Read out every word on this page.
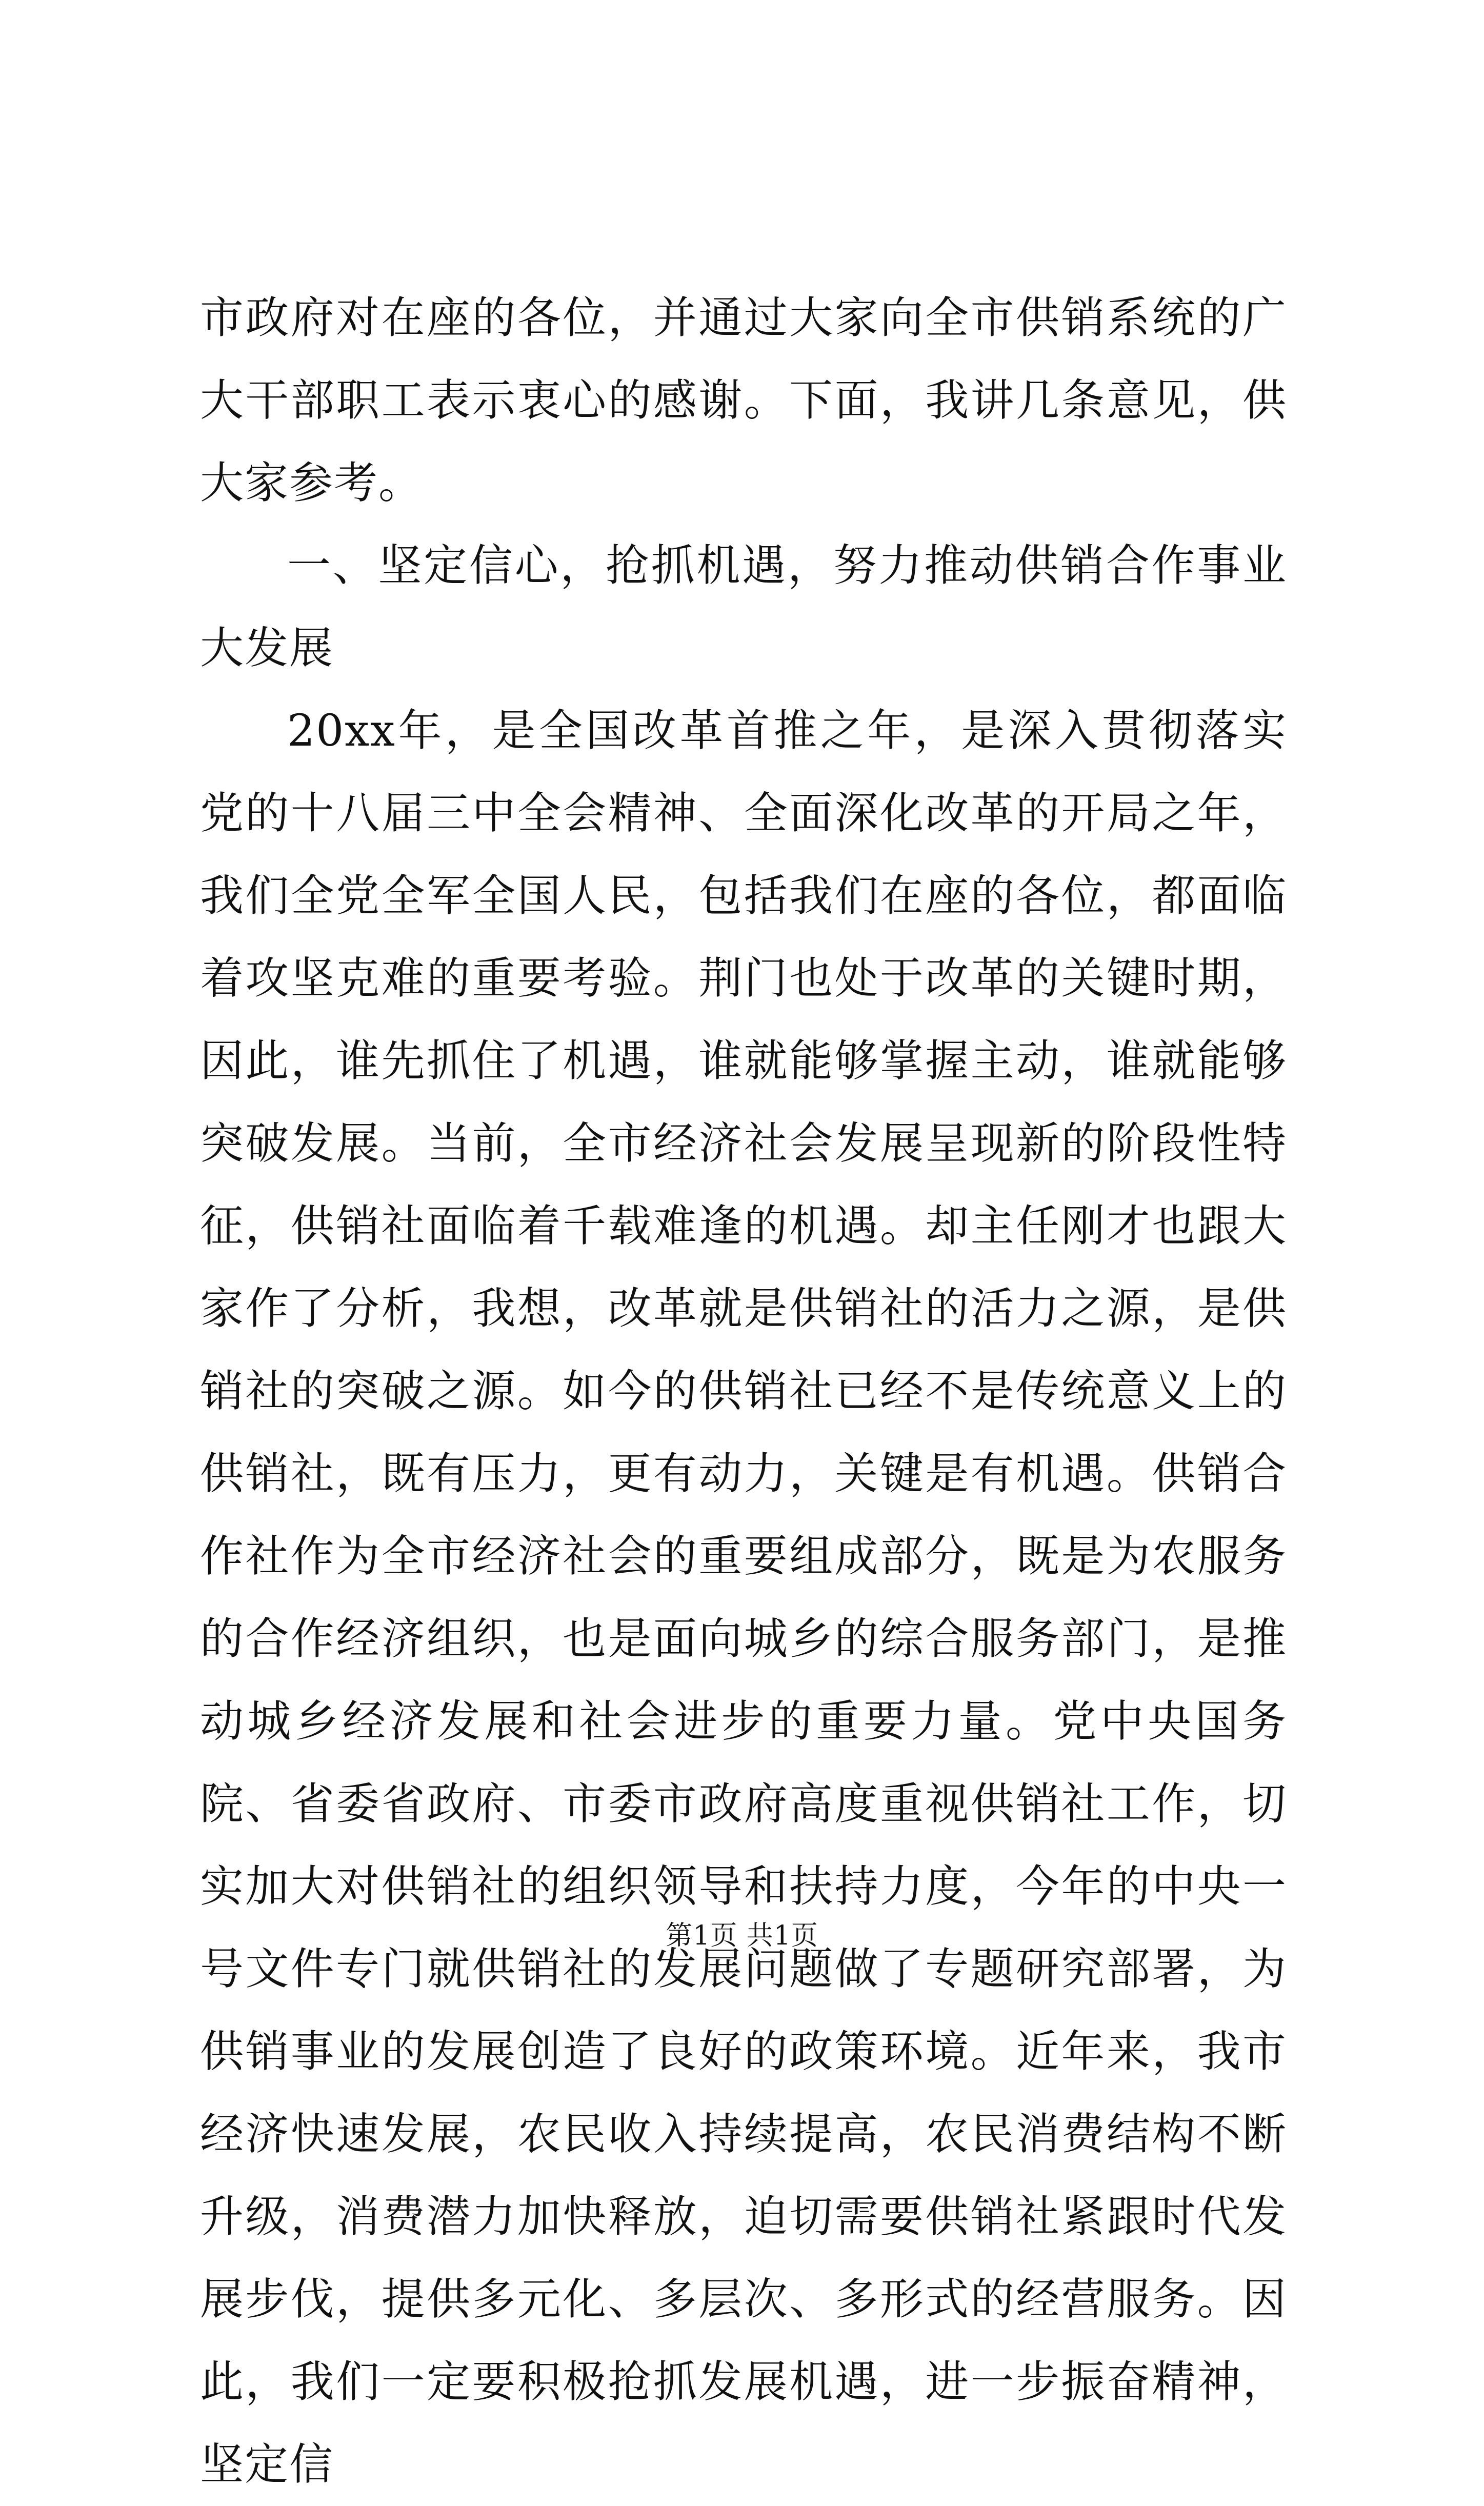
市政府对在座的各位，并通过大家向全市供销系统的广大干部职工表示衷心的感谢。下面，我讲几条意见，供大家参考。

一、坚定信心，抢抓机遇，努力推动供销合作事业大发展

20xx年，是全国改革首推之年，是深入贯彻落实党的十八届三中全会精神、全面深化改革的开局之年，我们全党全军全国人民，包括我们在座的各位，都面临着攻坚克难的重要考验。荆门也处于改革的关键时期，因此，谁先抓住了机遇，谁就能够掌握主动，谁就能够突破发展。当前，全市经济社会发展呈现新的阶段性特征，供销社面临着千载难逢的机遇。却主任刚才也跟大家作了分析，我想，改革就是供销社的活力之源，是供销社的突破之源。如今的供销社已经不是传统意义上的供销社，既有压力，更有动力，关键是有机遇。供销合作社作为全市经济社会的重要组成部分，既是为农服务的合作经济组织，也是面向城乡的综合服务部门，是推动城乡经济发展和社会进步的重要力量。党中央国务院、省委省政府、市委市政府高度重视供销社工作，切实加大对供销社的组织领导和扶持力度，今年的中央一号文件专门就供销社的发展问题做了专题研究部署，为供销事业的发展创造了良好的政策环境。近年来，我市经济快速发展，农民收入持续提高，农民消费结构不断升级，消费潜力加快释放，迫切需要供销社紧跟时代发展步伐，提供多元化、多层次、多形式的经营服务。因此，我们一定要积极抢抓发展机遇，进一步振奋精神，坚定信

第1页 共1页
